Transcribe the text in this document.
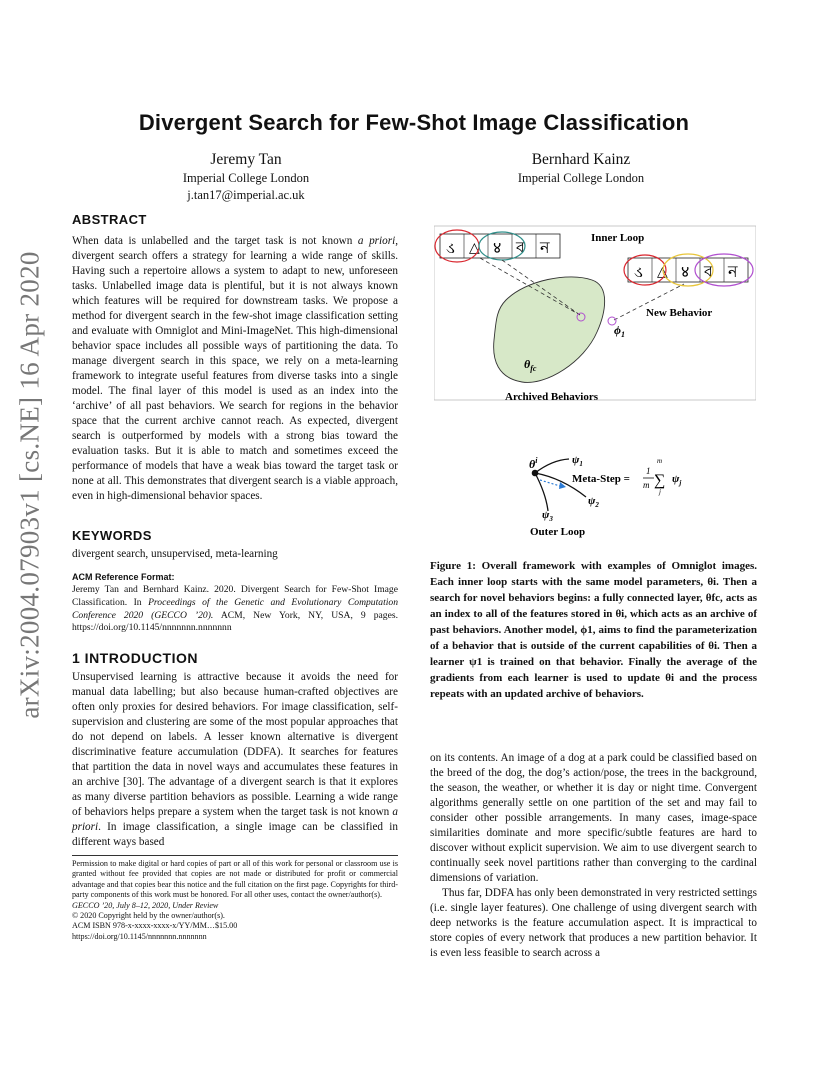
Divergent Search for Few-Shot Image Classification
Jeremy Tan
Imperial College London
j.tan17@imperial.ac.uk
Bernhard Kainz
Imperial College London
arXiv:2004.07903v1 [cs.NE] 16 Apr 2020
ABSTRACT
When data is unlabelled and the target task is not known a priori, divergent search offers a strategy for learning a wide range of skills. Having such a repertoire allows a system to adapt to new, unforeseen tasks. Unlabelled image data is plentiful, but it is not always known which features will be required for downstream tasks. We propose a method for divergent search in the few-shot image classification setting and evaluate with Omniglot and Mini-ImageNet. This high-dimensional behavior space includes all possible ways of partitioning the data. To manage divergent search in this space, we rely on a meta-learning framework to integrate useful features from diverse tasks into a single model. The final layer of this model is used as an index into the ‘archive’ of all past behaviors. We search for regions in the behavior space that the current archive cannot reach. As expected, divergent search is outperformed by models with a strong bias toward the evaluation tasks. But it is able to match and sometimes exceed the performance of models that have a weak bias toward the target task or none at all. This demonstrates that divergent search is a viable approach, even in high-dimensional behavior spaces.
KEYWORDS
divergent search, unsupervised, meta-learning
ACM Reference Format:
Jeremy Tan and Bernhard Kainz. 2020. Divergent Search for Few-Shot Image Classification. In Proceedings of the Genetic and Evolutionary Computation Conference 2020 (GECCO ’20). ACM, New York, NY, USA, 9 pages. https://doi.org/10.1145/nnnnnnn.nnnnnnn
1 INTRODUCTION
Unsupervised learning is attractive because it avoids the need for manual data labelling; but also because human-crafted objectives are often only proxies for desired behaviors. For image classification, self-supervision and clustering are some of the most popular approaches that do not depend on labels. A lesser known alternative is divergent discriminative feature accumulation (DDFA). It searches for features that partition the data in novel ways and accumulates these features in an archive [30]. The advantage of a divergent search is that it explores as many diverse partition behaviors as possible. Learning a wide range of behaviors helps prepare a system when the target task is not known a priori. In image classification, a single image can be classified in different ways based
Permission to make digital or hard copies of part or all of this work for personal or classroom use is granted without fee provided that copies are not made or distributed for profit or commercial advantage and that copies bear this notice and the full citation on the first page. Copyrights for third-party components of this work must be honored. For all other uses, contact the owner/author(s).
GECCO ’20, July 8–12, 2020, Under Review
© 2020 Copyright held by the owner/author(s).
ACM ISBN 978-x-xxxx-xxxx-x/YY/MM…$15.00
https://doi.org/10.1145/nnnnnnn.nnnnnnn
Inner Loop
ડ △ ४ ব ন
ડ △ ४ ব ন
$\theta_{fc}$
New Behavior
$\phi_1$
Archived Behaviors
$\theta^i$	$\psi_1$
$\psi_2$
$\psi_3$
Meta-Step =
1
m
m
∑
j
$\psi_j$
Outer Loop
Figure 1: Overall framework with examples of Omniglot images. Each inner loop starts with the same model parameters, θi. Then a search for novel behaviors begins: a fully connected layer, θfc, acts as an index to all of the features stored in θi, which acts as an archive of past behaviors. Another model, ϕ1, aims to find the parameterization of a behavior that is outside of the current capabilities of θi. Then a learner ψ1 is trained on that behavior. Finally the average of the gradients from each learner is used to update θi and the process repeats with an updated archive of behaviors.

on its contents. An image of a dog at a park could be classified based on the breed of the dog, the dog’s action/pose, the trees in the background, the season, the weather, or whether it is day or night time. Convergent algorithms generally settle on one partition of the set and may fail to consider other possible arrangements. In many cases, image-space similarities dominate and more specific/subtle features are hard to discover without explicit supervision. We aim to use divergent search to continually seek novel partitions rather than converging to the cardinal dimensions of variation.

Thus far, DDFA has only been demonstrated in very restricted settings (i.e. single layer features). One challenge of using divergent search with deep networks is the feature accumulation aspect. It is impractical to store copies of every network that produces a new partition behavior. It is even less feasible to search across a
